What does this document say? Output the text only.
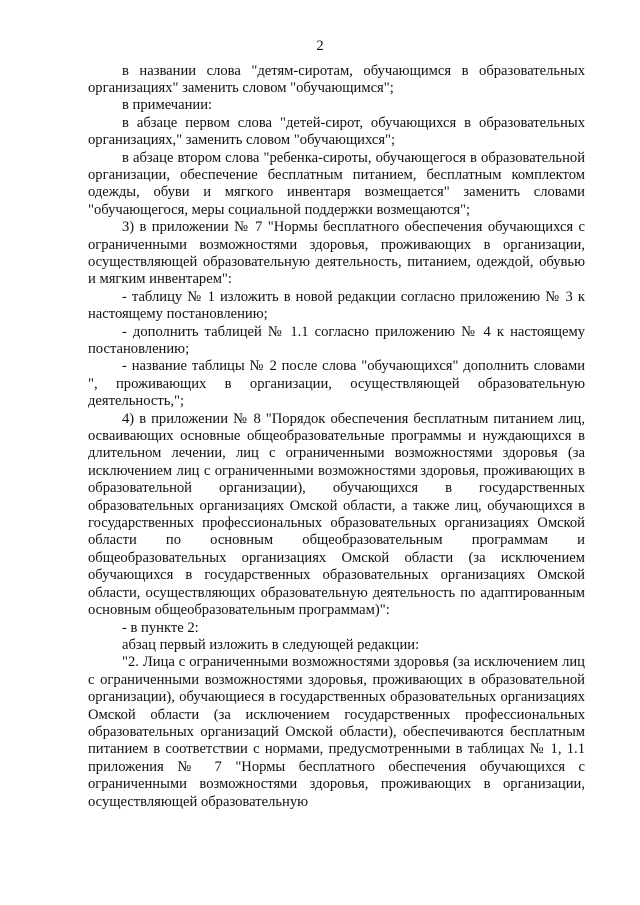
2

в названии слова "детям-сиротам, обучающимся в образовательных организациях" заменить словом "обучающимся";

в примечании:

в абзаце первом слова "детей-сирот, обучающихся в образовательных организациях," заменить словом "обучающихся";

в абзаце втором слова "ребенка-сироты, обучающегося в образовательной организации, обеспечение бесплатным питанием, бесплатным комплектом одежды, обуви и мягкого инвентаря возмещается" заменить словами "обучающегося, меры социальной поддержки возмещаются";

3) в приложении № 7 "Нормы бесплатного обеспечения обучающихся с ограниченными возможностями здоровья, проживающих в организации, осуществляющей образовательную деятельность, питанием, одеждой, обувью и мягким инвентарем":

- таблицу № 1 изложить в новой редакции согласно приложению № 3 к настоящему постановлению;

- дополнить таблицей № 1.1 согласно приложению № 4 к настоящему постановлению;

- название таблицы № 2 после слова "обучающихся" дополнить словами ", проживающих в организации, осуществляющей образовательную деятельность,";

4) в приложении № 8 "Порядок обеспечения бесплатным питанием лиц, осваивающих основные общеобразовательные программы и нуждающихся в длительном лечении, лиц с ограниченными возможностями здоровья (за исключением лиц с ограниченными возможностями здоровья, проживающих в образовательной организации), обучающихся в государственных образовательных организациях Омской области, а также лиц, обучающихся в государственных профессиональных образовательных организациях Омской области по основным общеобразовательным программам и общеобразовательных организациях Омской области (за исключением обучающихся в государственных образовательных организациях Омской области, осуществляющих образовательную деятельность по адаптированным основным общеобразовательным программам)":

- в пункте 2:

абзац первый изложить в следующей редакции:

"2. Лица с ограниченными возможностями здоровья (за исключением лиц с ограниченными возможностями здоровья, проживающих в образовательной организации), обучающиеся в государственных образовательных организациях Омской области (за исключением государственных профессиональных образовательных организаций Омской области), обеспечиваются бесплатным питанием в соответствии с нормами, предусмотренными в таблицах № 1, 1.1 приложения № 7 "Нормы бесплатного обеспечения обучающихся с ограниченными возможностями здоровья, проживающих в организации, осуществляющей образовательную
